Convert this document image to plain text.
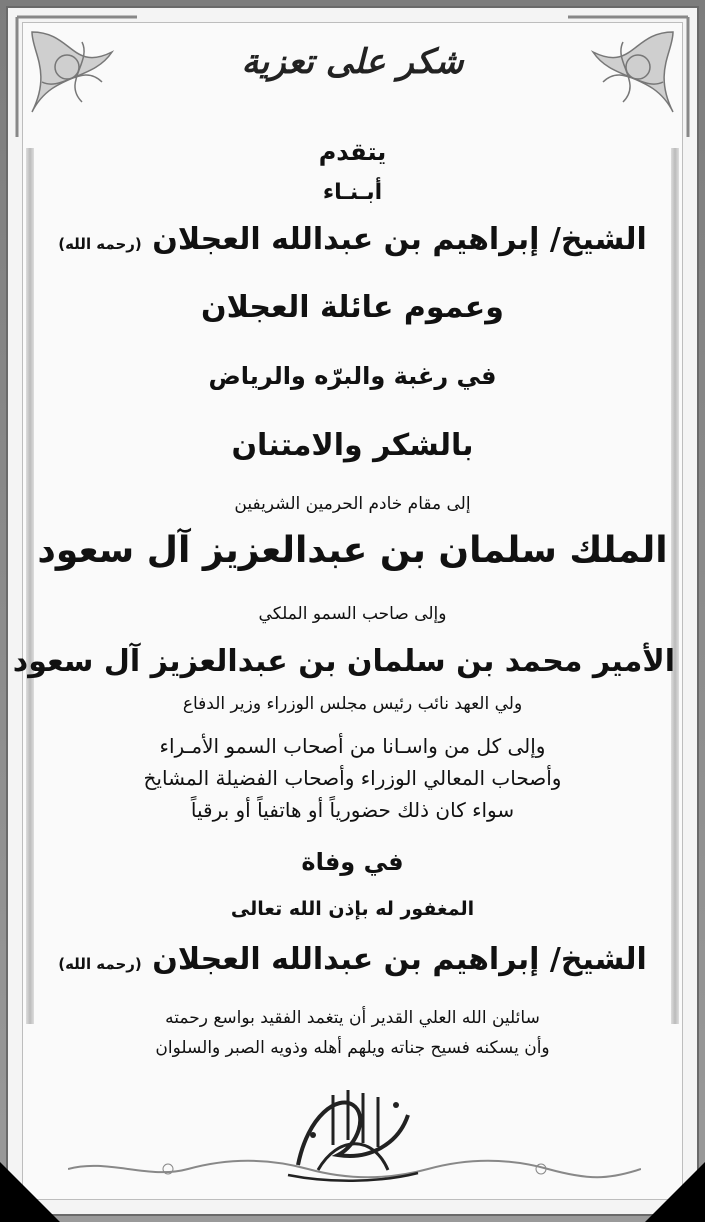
شكر على تعزية
يتقدم
أبـنـاء
الشيخ/ إبراهيم بن عبدالله العجلان (رحمه الله)
وعموم عائلة العجلان
في رغبة والبرّه والرياض
بالشكر والامتنان
إلى مقام خادم الحرمين الشريفين
الملك سلمان بن عبدالعزيز آل سعود
وإلى صاحب السمو الملكي
الأمير محمد بن سلمان بن عبدالعزيز آل سعود
ولي العهد نائب رئيس مجلس الوزراء وزير الدفاع
وإلى كل من واسـانا من أصحاب السمو الأمـراء
وأصحاب المعالي الوزراء وأصحاب الفضيلة المشايخ
سواء كان ذلك حضورياً أو هاتفياً أو برقياً
في وفاة
المغفور له بإذن الله تعالى
الشيخ/ إبراهيم بن عبدالله العجلان (رحمه الله)
سائلين الله العلي القدير أن يتغمد الفقيد بواسع رحمته
وأن يسكنه فسيح جناته ويلهم أهله وذويه الصبر والسلوان
